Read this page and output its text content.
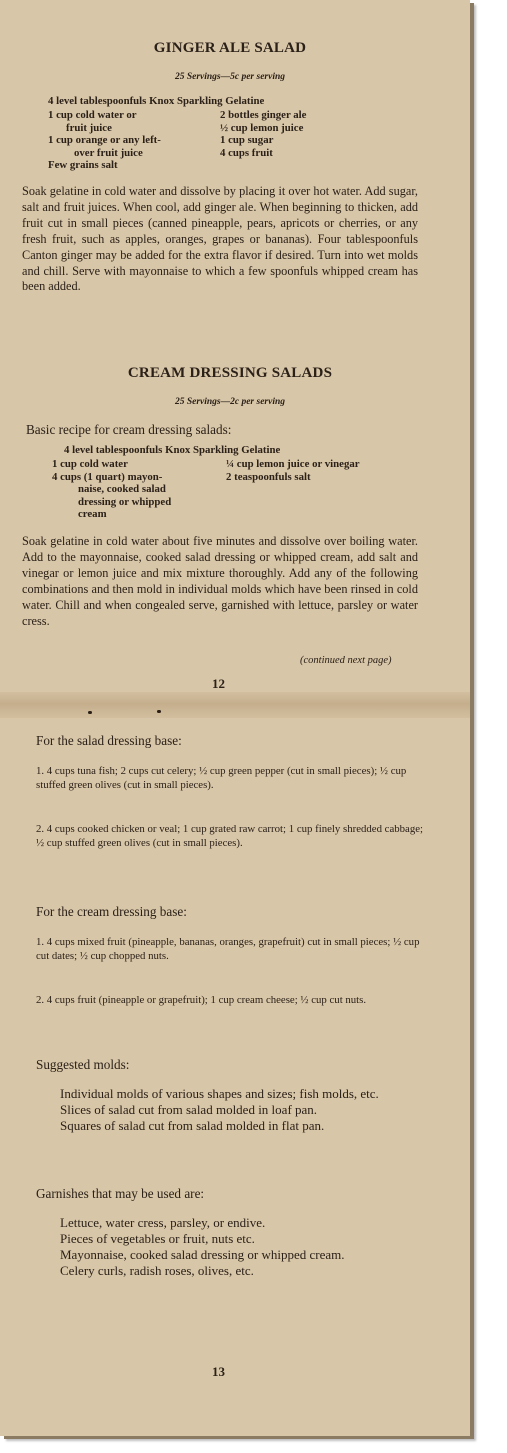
GINGER ALE SALAD

25 Servings—5c per serving

4 level tablespoonfuls Knox Sparkling Gelatine

1 cup cold water or
fruit juice
1 cup orange or any left-
over fruit juice
Few grains salt
2 bottles ginger ale
½ cup lemon juice
1 cup sugar
4 cups fruit

Soak gelatine in cold water and dissolve by placing it over hot water. Add sugar, salt and fruit juices. When cool, add ginger ale. When beginning to thicken, add fruit cut in small pieces (canned pineapple, pears, apricots or cherries, or any fresh fruit, such as apples, oranges, grapes or bananas). Four tablespoonfuls Canton ginger may be added for the extra flavor if desired. Turn into wet molds and chill. Serve with mayonnaise to which a few spoonfuls whipped cream has been added.

CREAM DRESSING SALADS

25 Servings—2c per serving

Basic recipe for cream dressing salads:

4 level tablespoonfuls Knox Sparkling Gelatine

1 cup cold water
4 cups (1 quart) mayon-
naise, cooked salad
dressing or whipped
cream
¼ cup lemon juice or vinegar
2 teaspoonfuls salt

Soak gelatine in cold water about five minutes and dissolve over boiling water. Add to the mayonnaise, cooked salad dressing or whipped cream, add salt and vinegar or lemon juice and mix mixture thoroughly. Add any of the following combinations and then mold in individual molds which have been rinsed in cold water. Chill and when congealed serve, garnished with lettuce, parsley or water cress.

(continued next page)

12

For the salad dressing base:

1. 4 cups tuna fish; 2 cups cut celery; ½ cup green pepper (cut in small pieces); ½ cup stuffed green olives (cut in small pieces).

2. 4 cups cooked chicken or veal; 1 cup grated raw carrot; 1 cup finely shredded cabbage; ½ cup stuffed green olives (cut in small pieces).

For the cream dressing base:

1. 4 cups mixed fruit (pineapple, bananas, oranges, grapefruit) cut in small pieces; ½ cup cut dates; ½ cup chopped nuts.

2. 4 cups fruit (pineapple or grapefruit); 1 cup cream cheese; ½ cup cut nuts.

Suggested molds:

Individual molds of various shapes and sizes; fish molds, etc.

Slices of salad cut from salad molded in loaf pan.

Squares of salad cut from salad molded in flat pan.

Garnishes that may be used are:

Lettuce, water cress, parsley, or endive.

Pieces of vegetables or fruit, nuts etc.

Mayonnaise, cooked salad dressing or whipped cream.

Celery curls, radish roses, olives, etc.

13
